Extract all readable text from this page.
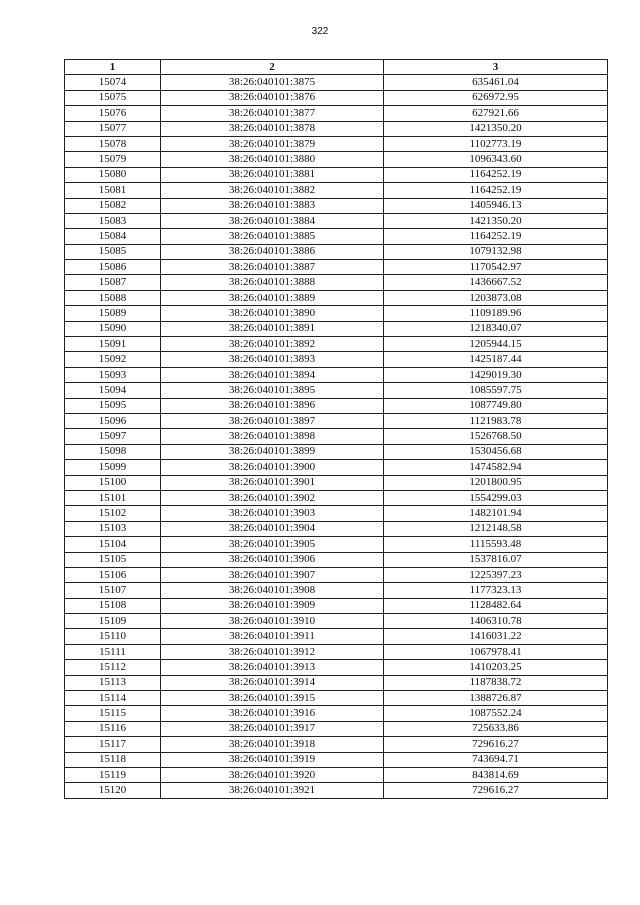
322
1	2	3
15074	38:26:040101:3875	635461.04
15075	38:26:040101:3876	626972.95
15076	38:26:040101:3877	627921.66
15077	38:26:040101:3878	1421350.20
15078	38:26:040101:3879	1102773.19
15079	38:26:040101:3880	1096343.60
15080	38:26:040101:3881	1164252.19
15081	38:26:040101:3882	1164252.19
15082	38:26:040101:3883	1405946.13
15083	38:26:040101:3884	1421350.20
15084	38:26:040101:3885	1164252.19
15085	38:26:040101:3886	1079132.98
15086	38:26:040101:3887	1170542.97
15087	38:26:040101:3888	1436667.52
15088	38:26:040101:3889	1203873.08
15089	38:26:040101:3890	1109189.96
15090	38:26:040101:3891	1218340.07
15091	38:26:040101:3892	1205944.15
15092	38:26:040101:3893	1425187.44
15093	38:26:040101:3894	1429019.30
15094	38:26:040101:3895	1085597.75
15095	38:26:040101:3896	1087749.80
15096	38:26:040101:3897	1121983.78
15097	38:26:040101:3898	1526768.50
15098	38:26:040101:3899	1530456.68
15099	38:26:040101:3900	1474582.94
15100	38:26:040101:3901	1201800.95
15101	38:26:040101:3902	1554299.03
15102	38:26:040101:3903	1482101.94
15103	38:26:040101:3904	1212148.58
15104	38:26:040101:3905	1115593.48
15105	38:26:040101:3906	1537816.07
15106	38:26:040101:3907	1225397.23
15107	38:26:040101:3908	1177323.13
15108	38:26:040101:3909	1128482.64
15109	38:26:040101:3910	1406310.78
15110	38:26:040101:3911	1416031.22
15111	38:26:040101:3912	1067978.41
15112	38:26:040101:3913	1410203.25
15113	38:26:040101:3914	1187838.72
15114	38:26:040101:3915	1388726.87
15115	38:26:040101:3916	1087552.24
15116	38:26:040101:3917	725633.86
15117	38:26:040101:3918	729616.27
15118	38:26:040101:3919	743694.71
15119	38:26:040101:3920	843814.69
15120	38:26:040101:3921	729616.27
